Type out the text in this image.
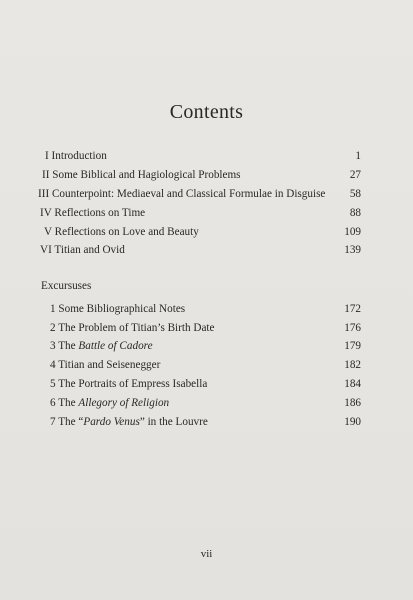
Contents
I Introduction	1
II Some Biblical and Hagiological Problems	27
III Counterpoint: Mediaeval and Classical Formulae in Disguise 58
IV Reflections on Time	88
V Reflections on Love and Beauty	109
VI Titian and Ovid	139
Excursuses
1 Some Bibliographical Notes	172
2 The Problem of Titian’s Birth Date	176
3 The Battle of Cadore	179
4 Titian and Seisenegger	182
5 The Portraits of Empress Isabella	184
6 The Allegory of Religion	186
7 The “Pardo Venus” in the Louvre	190
vii
